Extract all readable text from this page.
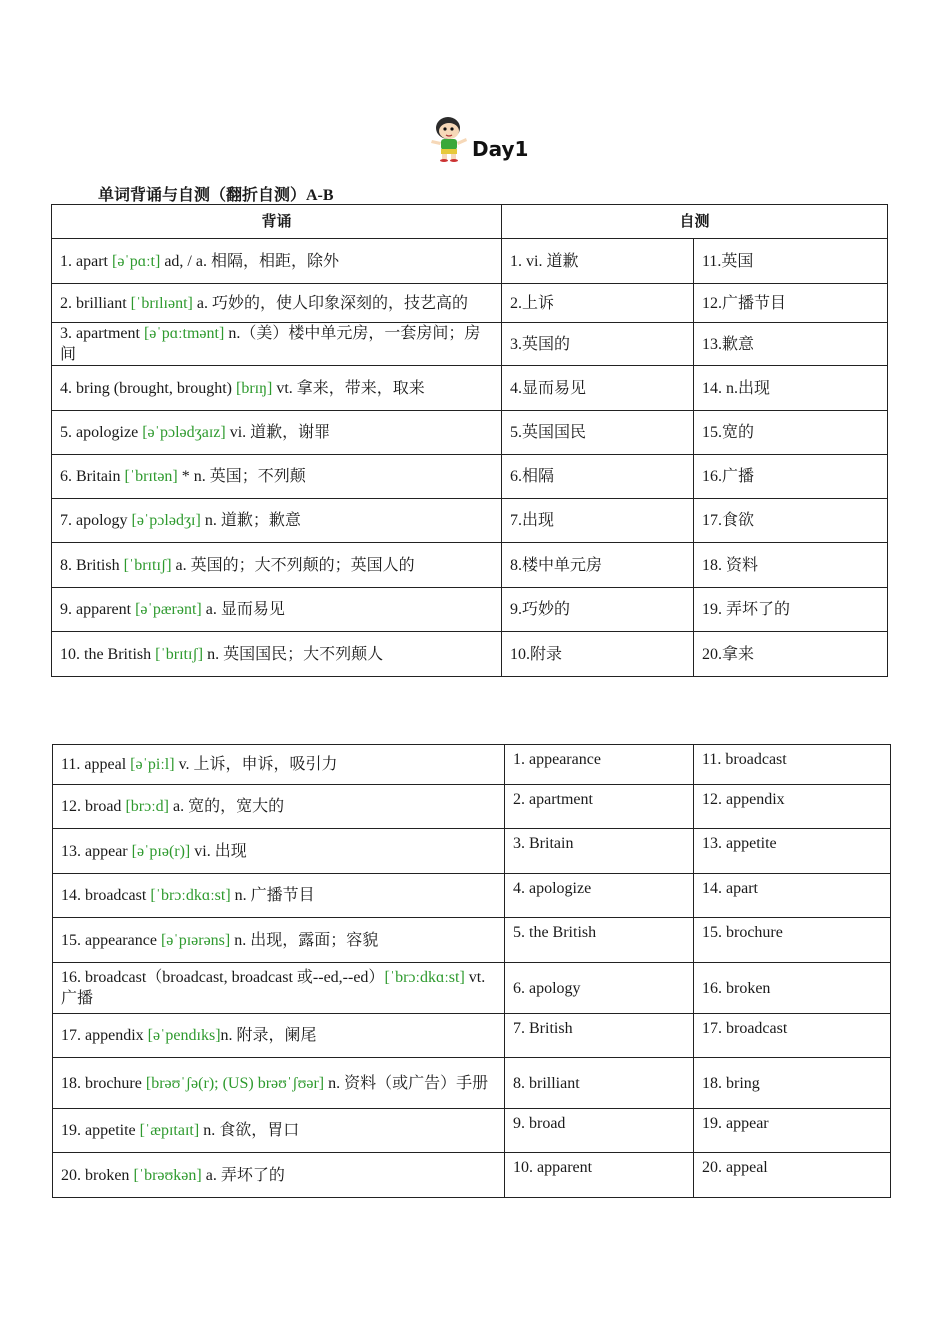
Day1
单词背诵与自测（翻折自测）A-B
背诵	自测	
1. apart [əˈpɑːt] ad, / a. 相隔，相距，除外	1. vi. 道歉	11.英国
2. brilliant [ˈbrɪlɪənt] a. 巧妙的，使人印象深刻的，技艺高的	2.上诉	12.广播节目
3. apartment [əˈpɑːtmənt] n.（美）楼中单元房，一套房间；房间	3.英国的	13.歉意
4. bring (brought, brought) [brɪŋ] vt. 拿来，带来，取来	4.显而易见	14. n.出现
5. apologize [əˈpɔlədʒaɪz] vi. 道歉，谢罪	5.英国国民	15.宽的
6. Britain [ˈbrɪtən] * n. 英国；不列颠	6.相隔	16.广播
7. apology [əˈpɔlədʒɪ] n. 道歉；歉意	7.出现	17.食欲
8. British [ˈbrɪtɪʃ] a. 英国的；大不列颠的；英国人的	8.楼中单元房	18. 资料
9. apparent [əˈpærənt] a. 显而易见	9.巧妙的	19. 弄坏了的
10. the British [ˈbrɪtɪʃ] n. 英国国民；大不列颠人	10.附录	20.拿来
11. appeal [əˈpiːl] v. 上诉，申诉，吸引力	1. appearance	11. broadcast
12. broad [brɔːd] a. 宽的，宽大的	2. apartment	12. appendix
13. appear [əˈpɪə(r)] vi. 出现	3. Britain	13. appetite
14. broadcast [ˈbrɔːdkɑːst] n. 广播节目	4. apologize	14. apart
15. appearance [əˈpɪərəns] n. 出现，露面；容貌	5. the British	15. brochure
16. broadcast（broadcast, broadcast 或--ed,--ed）[ˈbrɔːdkɑːst] vt. 广播	6. apology	16. broken
17. appendix [əˈpendɪks]n. 附录，阑尾	7. British	17. broadcast
18. brochure [brəʊˈʃə(r); (US) brəʊˈʃʊər] n. 资料（或广告）手册	8. brilliant	18. bring
19. appetite [ˈæpɪtaɪt] n. 食欲，胃口	9. broad	19. appear
20. broken [ˈbrəʊkən] a. 弄坏了的	10. apparent	20. appeal
